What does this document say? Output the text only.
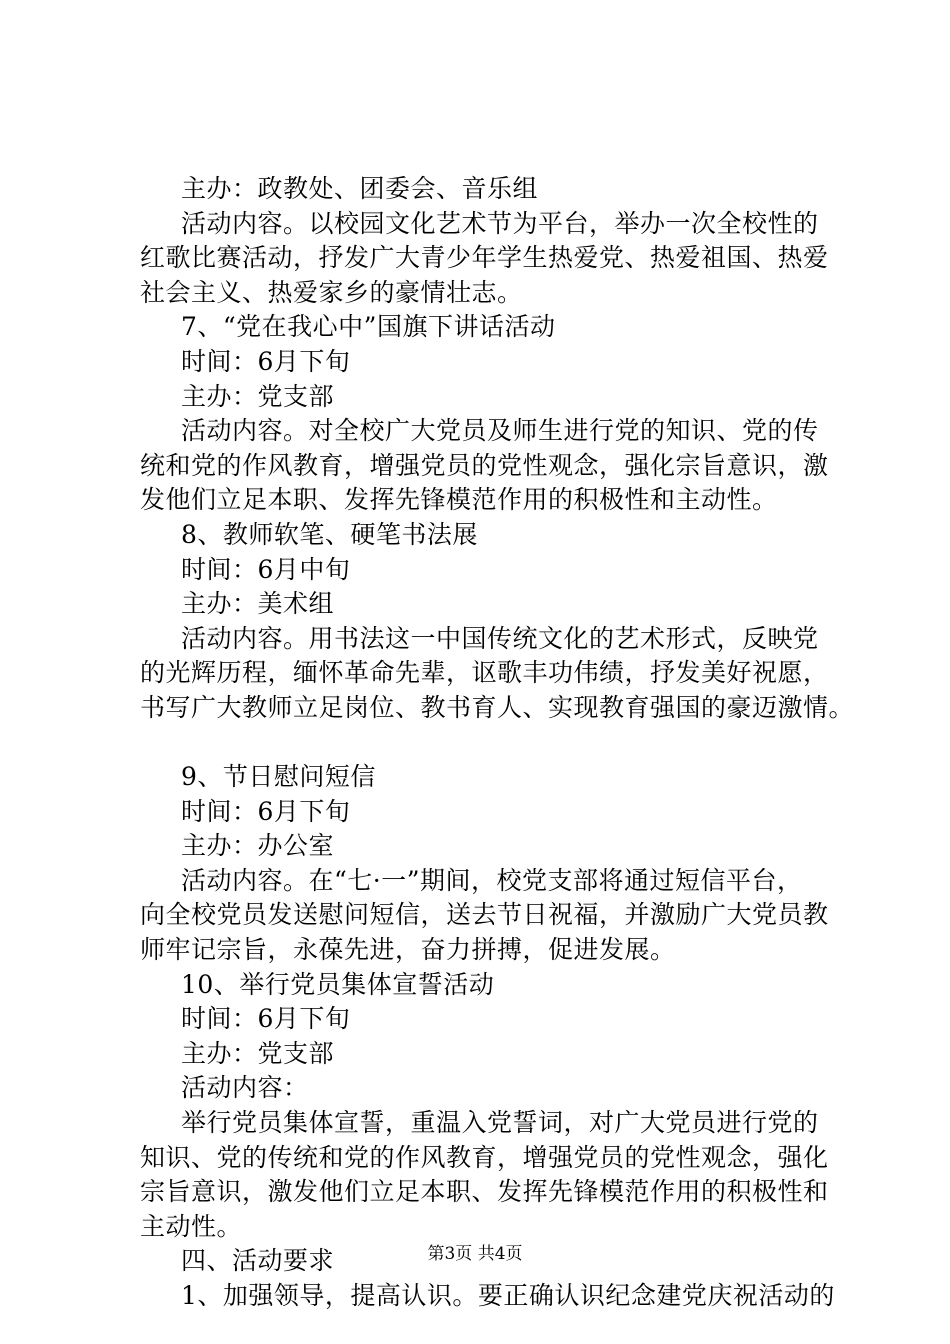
主办：政教处、团委会、音乐组
活动内容。以校园文化艺术节为平台，举办一次全校性的
红歌比赛活动，抒发广大青少年学生热爱党、热爱祖国、热爱
社会主义、热爱家乡的豪情壮志。
7、“党在我心中”国旗下讲话活动
时间：6月下旬
主办：党支部
活动内容。对全校广大党员及师生进行党的知识、党的传
统和党的作风教育，增强党员的党性观念，强化宗旨意识，激
发他们立足本职、发挥先锋模范作用的积极性和主动性。
8、教师软笔、硬笔书法展
时间：6月中旬
主办：美术组
活动内容。用书法这一中国传统文化的艺术形式，反映党
的光辉历程，缅怀革命先辈，讴歌丰功伟绩，抒发美好祝愿，
书写广大教师立足岗位、教书育人、实现教育强国的豪迈激情。
9、节日慰问短信
时间：6月下旬
主办：办公室
活动内容。在“七·一”期间，校党支部将通过短信平台，
向全校党员发送慰问短信，送去节日祝福，并激励广大党员教
师牢记宗旨，永葆先进，奋力拼搏，促进发展。
10、举行党员集体宣誓活动
时间：6月下旬
主办：党支部
活动内容：
举行党员集体宣誓，重温入党誓词，对广大党员进行党的
知识、党的传统和党的作风教育，增强党员的党性观念，强化
宗旨意识，激发他们立足本职、发挥先锋模范作用的积极性和
主动性。
四、活动要求
1、加强领导，提高认识。要正确认识纪念建党庆祝活动的
第3页 共4页
